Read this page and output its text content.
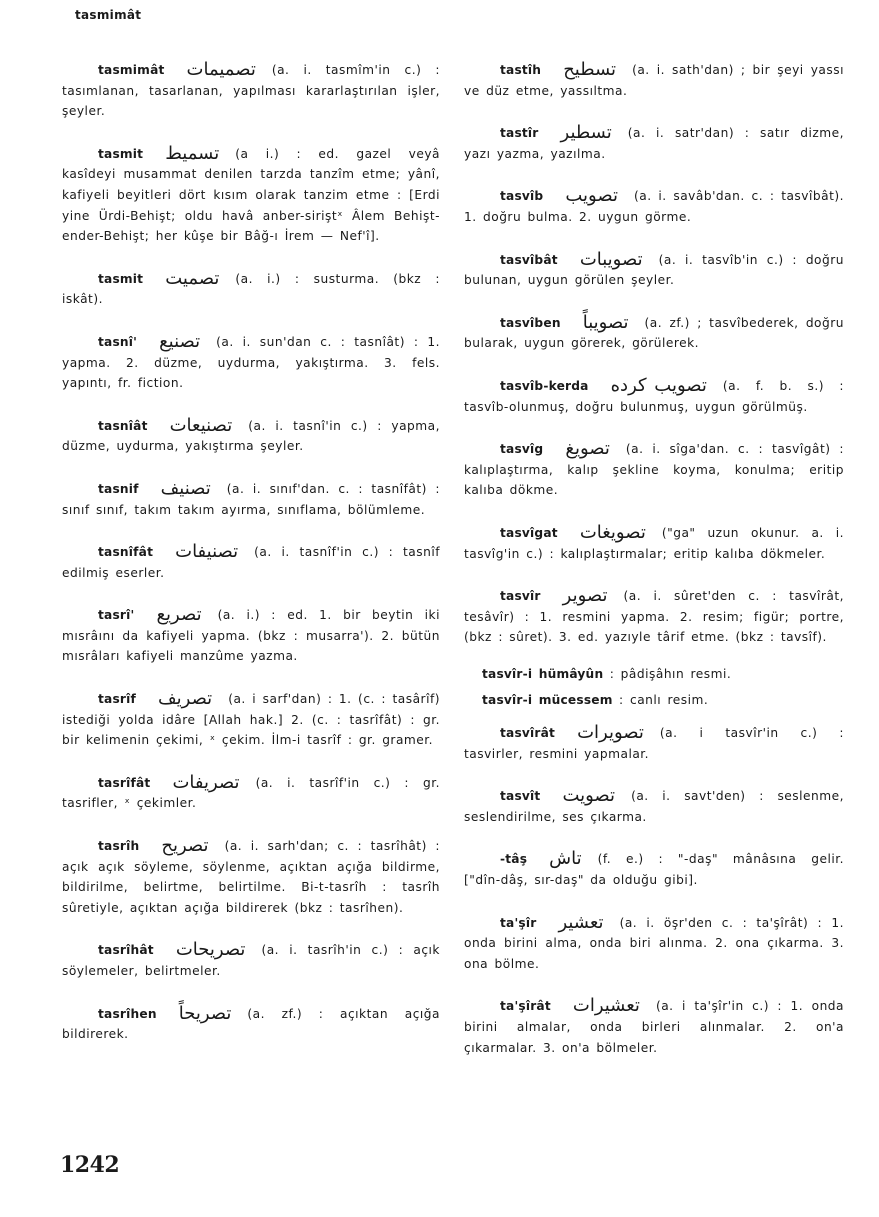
tasmimât
tasmimât تصميمات (a. i. tasmîm'in c.) : tasımlanan, tasarlanan, yapılması kararlaştırılan işler, şeyler.
tasmit تسميط (a i.) : ed. gazel veyâ kasîdeyi musammat denilen tarzda tanzîm etme; yânî, kafiyeli beyitleri dört kısım olarak tanzim etme : [Erdi yine Ürdi-Behişt; oldu havâ anber-siriştˣ Âlem Behişt-ender-Behişt; her kûşe bir Bâğ-ı İrem — Nef'î].
tasmit تصميت (a. i.) : susturma. (bkz : iskât).
tasnî' تصنيع (a. i. sun'dan c. : tasnîât) : 1. yapma. 2. düzme, uydurma, yakıştırma. 3. fels. yapıntı, fr. fiction.
tasnîât تصنيعات (a. i. tasnî'in c.) : yapma, düzme, uydurma, yakıştırma şeyler.
tasnif تصنيف (a. i. sınıf'dan. c. : tasnîfât) : sınıf sınıf, takım takım ayırma, sınıflama, bölümleme.
tasnîfât تصنيفات (a. i. tasnîf'in c.) : tasnîf edilmiş eserler.
tasrî' تصريع (a. i.) : ed. 1. bir beytin iki mısrâını da kafiyeli yapma. (bkz : musarra'). 2. bütün mısrâları kafiyeli manzûme yazma.
tasrîf تصريف (a. i sarf'dan) : 1. (c. : tasârîf) istediği yolda idâre [Allah hak.] 2. (c. : tasrîfât) : gr. bir kelimenin çekimi, ˣ çekim. İlm-i tasrîf : gr. gramer.
tasrîfât تصريفات (a. i. tasrîf'in c.) : gr. tasrifler, ˣ çekimler.
tasrîh تصريح (a. i. sarh'dan; c. : tasrîhât) : açık açık söyleme, söylenme, açıktan açığa bildirme, bildirilme, belirtme, belirtilme. Bi-t-tasrîh : tasrîh sûretiyle, açıktan açığa bildirerek (bkz : tasrîhen).
tasrîhât تصريحات (a. i. tasrîh'in c.) : açık söylemeler, belirtmeler.
tasrîhen تصريحاً (a. zf.) : açıktan açığa bildirerek.
tastîh تسطيح (a. i. sath'dan) ; bir şeyi yassı ve düz etme, yassıltma.
tastîr تسطير (a. i. satr'dan) : satır dizme, yazı yazma, yazılma.
tasvîb تصويب (a. i. savâb'dan. c. : tasvîbât). 1. doğru bulma. 2. uygun görme.
tasvîbât تصويبات (a. i. tasvîb'in c.) : doğru bulunan, uygun görülen şeyler.
tasvîben تصويباً (a. zf.) ; tasvîbederek, doğru bularak, uygun görerek, görülerek.
tasvîb-kerda تصويب كرده (a. f. b. s.) : tasvîb-olunmuş, doğru bulunmuş, uygun görülmüş.
tasvîg تصويغ (a. i. sîga'dan. c. : tasvîgât) : kalıplaştırma, kalıp şekline koyma, konulma; eritip kalıba dökme.
tasvîgat تصويغات ("ga" uzun okunur. a. i. tasvîg'in c.) : kalıplaştırmalar; eritip kalıba dökmeler.
tasvîr تصوير (a. i. sûret'den c. : tasvîrât, tesâvîr) : 1. resmini yapma. 2. resim; figür; portre, (bkz : sûret). 3. ed. yazıyle târif etme. (bkz : tavsîf).
tasvîr-i hümâyûn : pâdişâhın resmi.
tasvîr-i mücessem : canlı resim.
tasvîrât تصويرات (a. i tasvîr'in c.) : tasvirler, resmini yapmalar.
tasvît تصويت (a. i. savt'den) : seslenme, seslendirilme, ses çıkarma.
-tâş تاش (f. e.) : "-daş" mânâsına gelir. ["dîn-dâş, sır-daş" da olduğu gibi].
ta'şîr تعشير (a. i. öşr'den c. : ta'şîrât) : 1. onda birini alma, onda biri alınma. 2. ona çıkarma. 3. ona bölme.
ta'şîrât تعشيرات (a. i ta'şîr'in c.) : 1. onda birini almalar, onda birleri alınmalar. 2. on'a çıkarmalar. 3. on'a bölmeler.
1242
